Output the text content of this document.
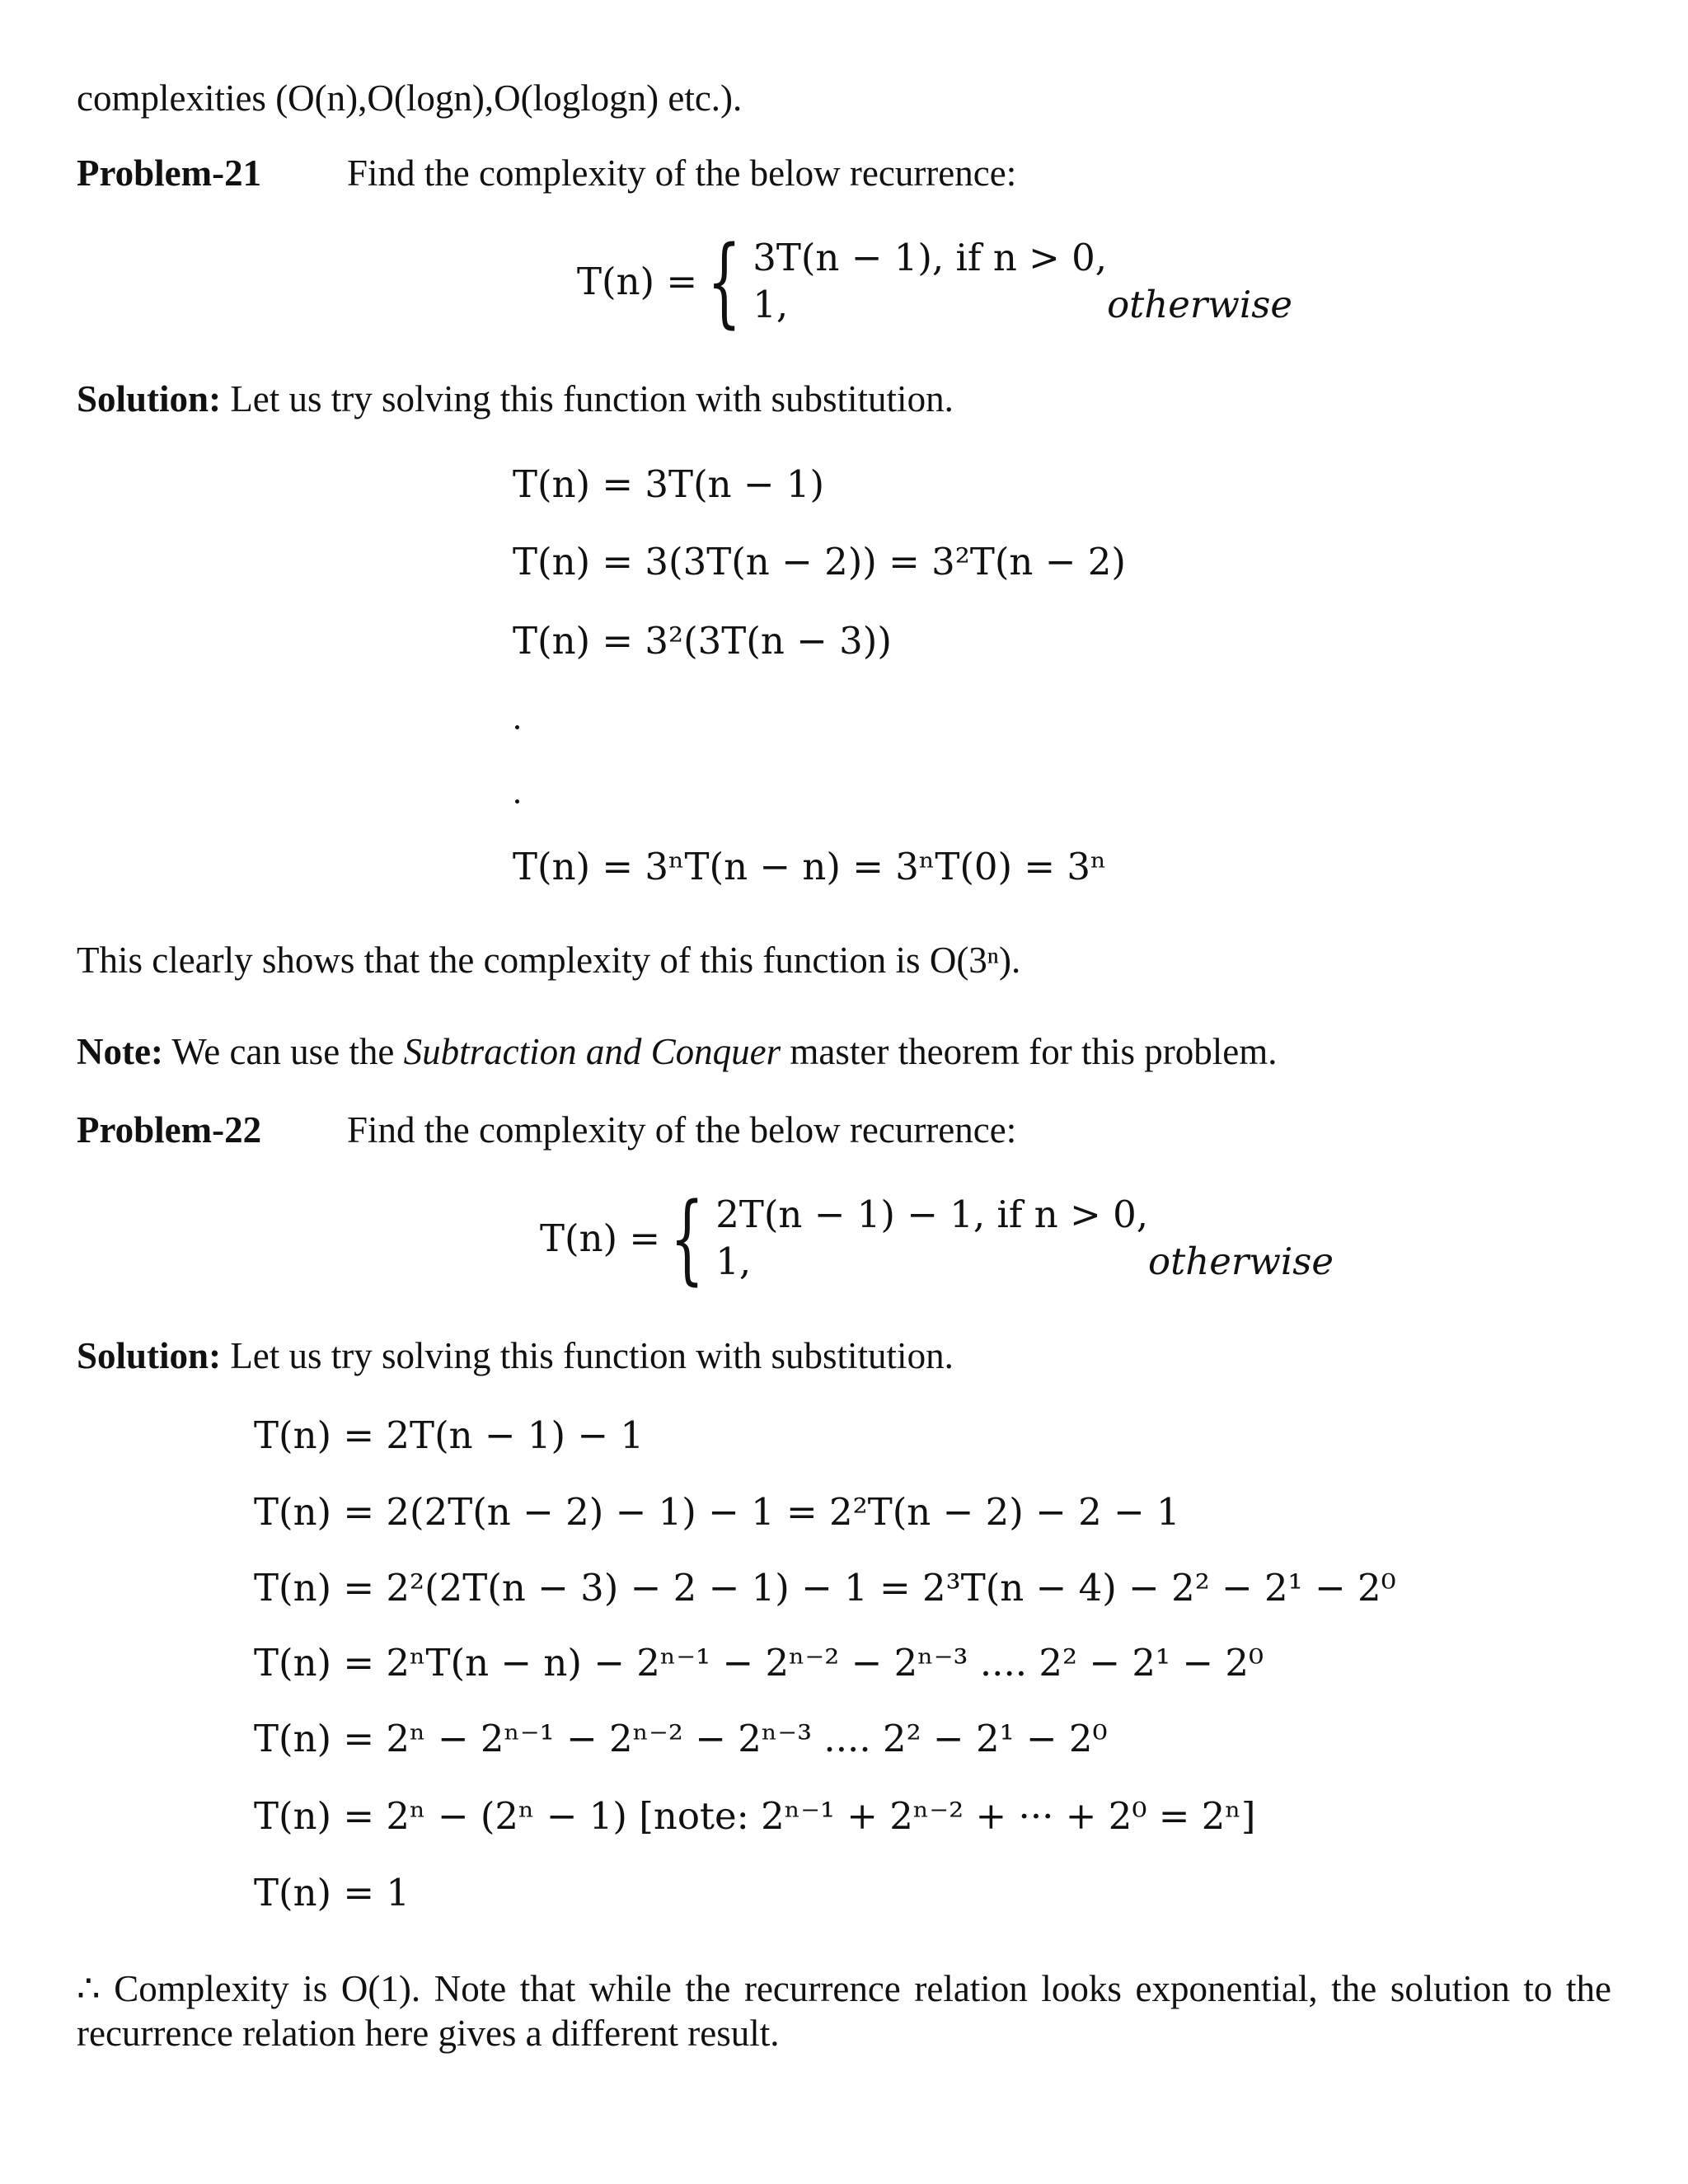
complexities (O(n),O(logn),O(loglogn) etc.).

Problem-21 Find the complexity of the below recurrence:

T(n) = { 3T(n − 1), if n > 0,
1,	otherwise

Solution: Let us try solving this function with substitution.

T(n) = 3T(n − 1)
T(n) = 3(3T(n − 2)) = 3²T(n − 2)
T(n) = 3²(3T(n − 3))
T(n) = 3ⁿT(n − n) = 3ⁿT(0) = 3ⁿ

This clearly shows that the complexity of this function is O(3ⁿ).

Note: We can use the Subtraction and Conquer master theorem for this problem.

Problem-22 Find the complexity of the below recurrence:

T(n) = { 2T(n − 1) − 1, if n > 0,
1,	otherwise

Solution: Let us try solving this function with substitution.

T(n) = 2T(n − 1) − 1
T(n) = 2(2T(n − 2) − 1) − 1 = 2²T(n − 2) − 2 − 1
T(n) = 2²(2T(n − 3) − 2 − 1) − 1 = 2³T(n − 4) − 2² − 2¹ − 2⁰
T(n) = 2ⁿT(n − n) − 2ⁿ⁻¹ − 2ⁿ⁻² − 2ⁿ⁻³ .... 2² − 2¹ − 2⁰
T(n) = 2ⁿ − 2ⁿ⁻¹ − 2ⁿ⁻² − 2ⁿ⁻³ .... 2² − 2¹ − 2⁰
T(n) = 2ⁿ − (2ⁿ − 1) [note: 2ⁿ⁻¹ + 2ⁿ⁻² + ··· + 2⁰ = 2ⁿ]
T(n) = 1

∴ Complexity is O(1). Note that while the recurrence relation looks exponential, the solution to the recurrence relation here gives a different result.
